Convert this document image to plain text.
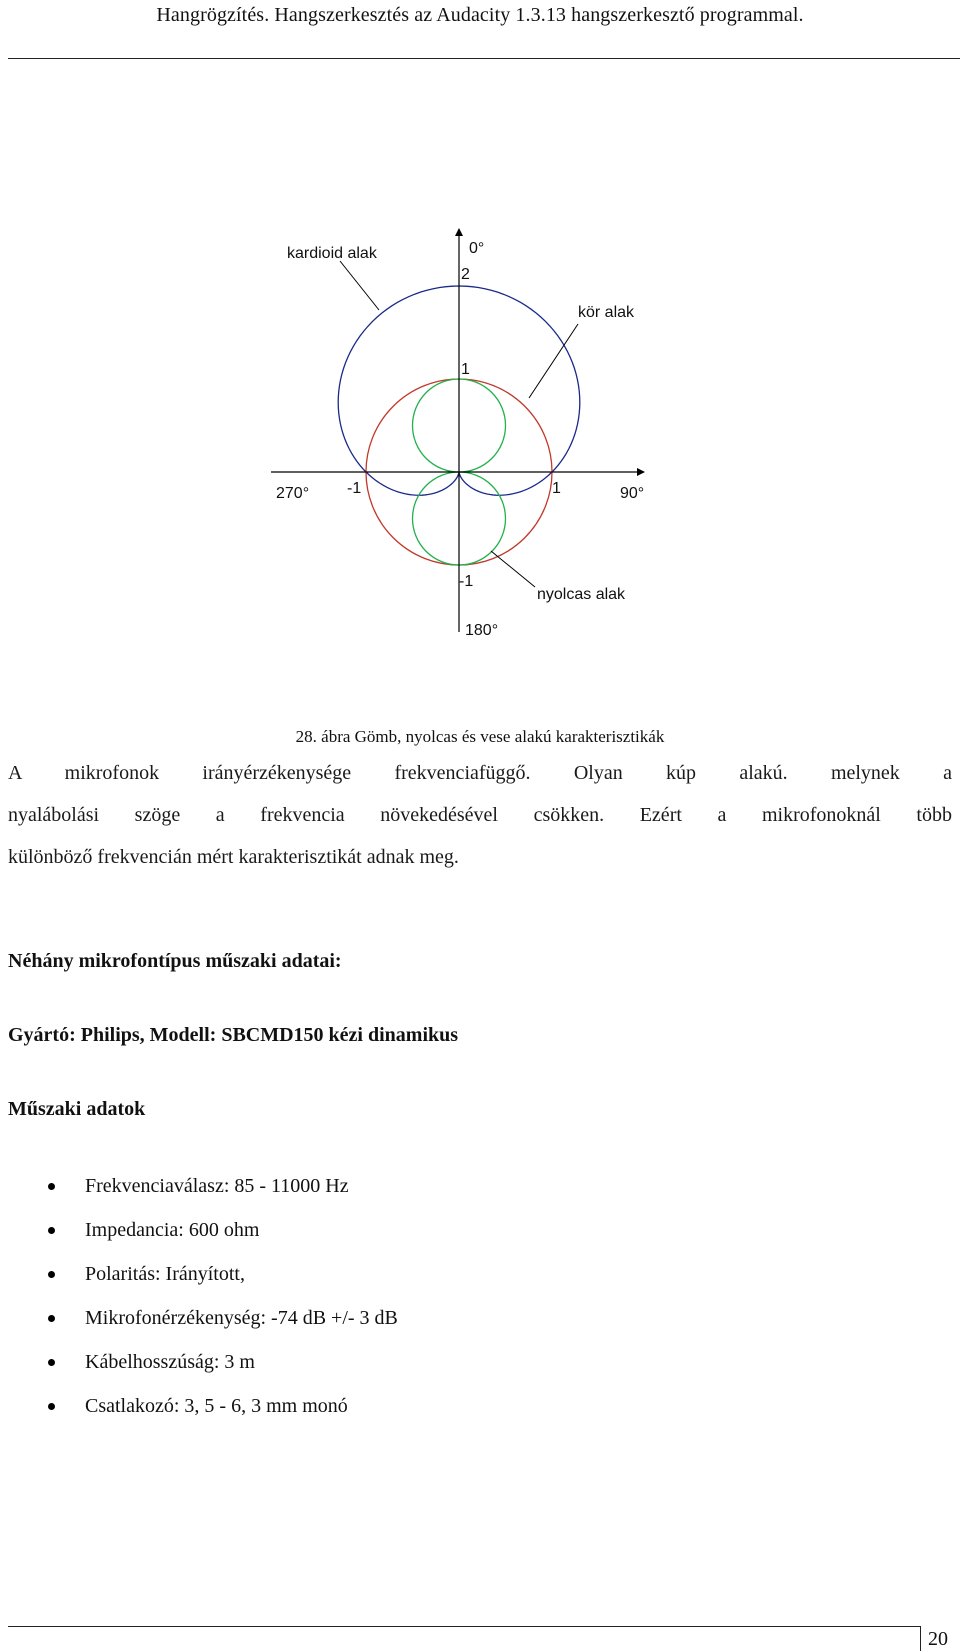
Hangrögzítés. Hangszerkesztés az Audacity 1.3.13 hangszerkesztő programmal.
kardioid alak
kör alak
nyolcas alak
0°
90°
180°
270°
2
1
1
-1
-1
28. ábra Gömb, nyolcas és vese alakú karakterisztikák
A mikrofonok irányérzékenysége frekvenciafüggő. Olyan kúp alakú. melynek a
nyalábolási szöge a frekvencia növekedésével csökken. Ezért a mikrofonoknál több
különböző frekvencián mért karakterisztikát adnak meg.
Néhány mikrofontípus műszaki adatai:
Gyártó: Philips, Modell: SBCMD150 kézi dinamikus
Műszaki adatok
Frekvenciaválasz: 85 - 11000 Hz
Impedancia: 600 ohm
Polaritás: Irányított,
Mikrofonérzékenység: -74 dB +/- 3 dB
Kábelhosszúság: 3 m
Csatlakozó: 3, 5 - 6, 3 mm monó
20
